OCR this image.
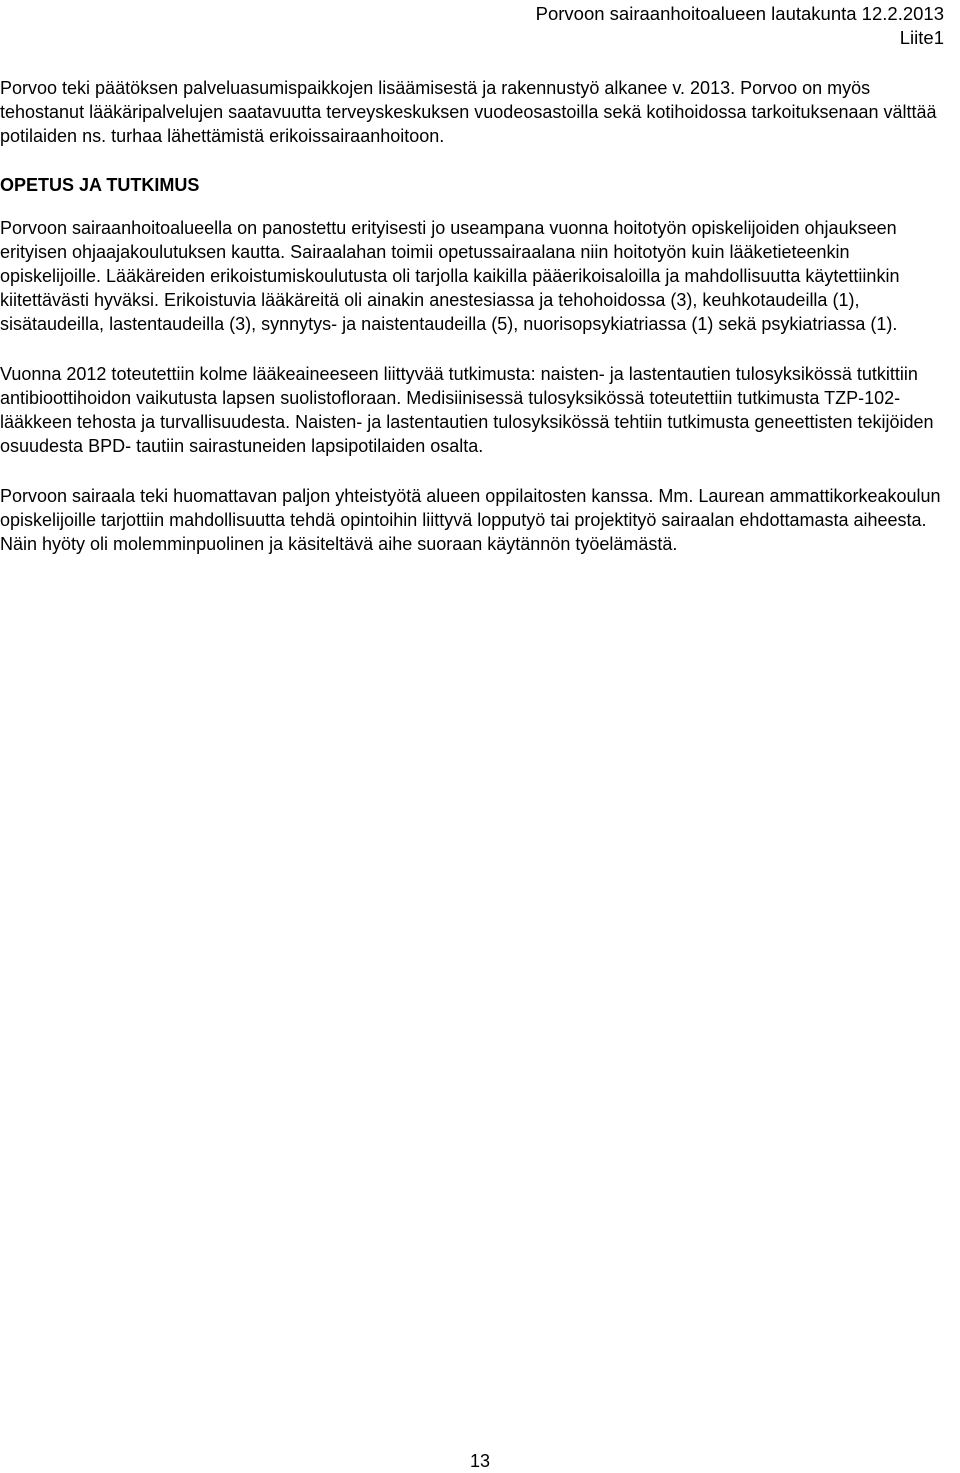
Porvoon sairaanhoitoalueen lautakunta 12.2.2013
Liite1

Porvoo teki päätöksen palveluasumispaikkojen lisäämisestä ja rakennustyö alkanee v. 2013. Porvoo on myös tehostanut lääkäripalvelujen saatavuutta terveyskeskuksen vuodeosastoilla sekä kotihoidossa tarkoituksenaan välttää potilaiden ns. turhaa lähettämistä erikoissairaanhoitoon.

OPETUS JA TUTKIMUS

Porvoon sairaanhoitoalueella on panostettu erityisesti jo useampana vuonna hoitotyön opiskelijoiden ohjaukseen erityisen ohjaajakoulutuksen kautta. Sairaalahan toimii opetussairaalana niin hoitotyön kuin lääketieteenkin opiskelijoille. Lääkäreiden erikoistumiskoulutusta oli tarjolla kaikilla pääerikoisaloilla ja mahdollisuutta käytettiinkin kiitettävästi hyväksi. Erikoistuvia lääkäreitä oli ainakin anestesiassa ja tehohoidossa (3), keuhkotaudeilla (1), sisätaudeilla, lastentaudeilla (3), synnytys- ja naistentaudeilla (5), nuorisopsykiatriassa (1) sekä psykiatriassa (1).

Vuonna 2012 toteutettiin kolme lääkeaineeseen liittyvää tutkimusta: naisten- ja lastentautien tulosyksikössä tutkittiin antibioottihoidon vaikutusta lapsen suolistofloraan. Medisiinisessä tulosyksikössä toteutettiin tutkimusta TZP-102- lääkkeen tehosta ja turvallisuudesta. Naisten- ja lastentautien tulosyksikössä tehtiin tutkimusta geneettisten tekijöiden osuudesta BPD- tautiin sairastuneiden lapsipotilaiden osalta.

Porvoon sairaala teki huomattavan paljon yhteistyötä alueen oppilaitosten kanssa. Mm. Laurean ammattikorkeakoulun opiskelijoille tarjottiin mahdollisuutta tehdä opintoihin liittyvä lopputyö tai projektityö sairaalan ehdottamasta aiheesta. Näin hyöty oli molemminpuolinen ja käsiteltävä aihe suoraan käytännön työelämästä.

13
